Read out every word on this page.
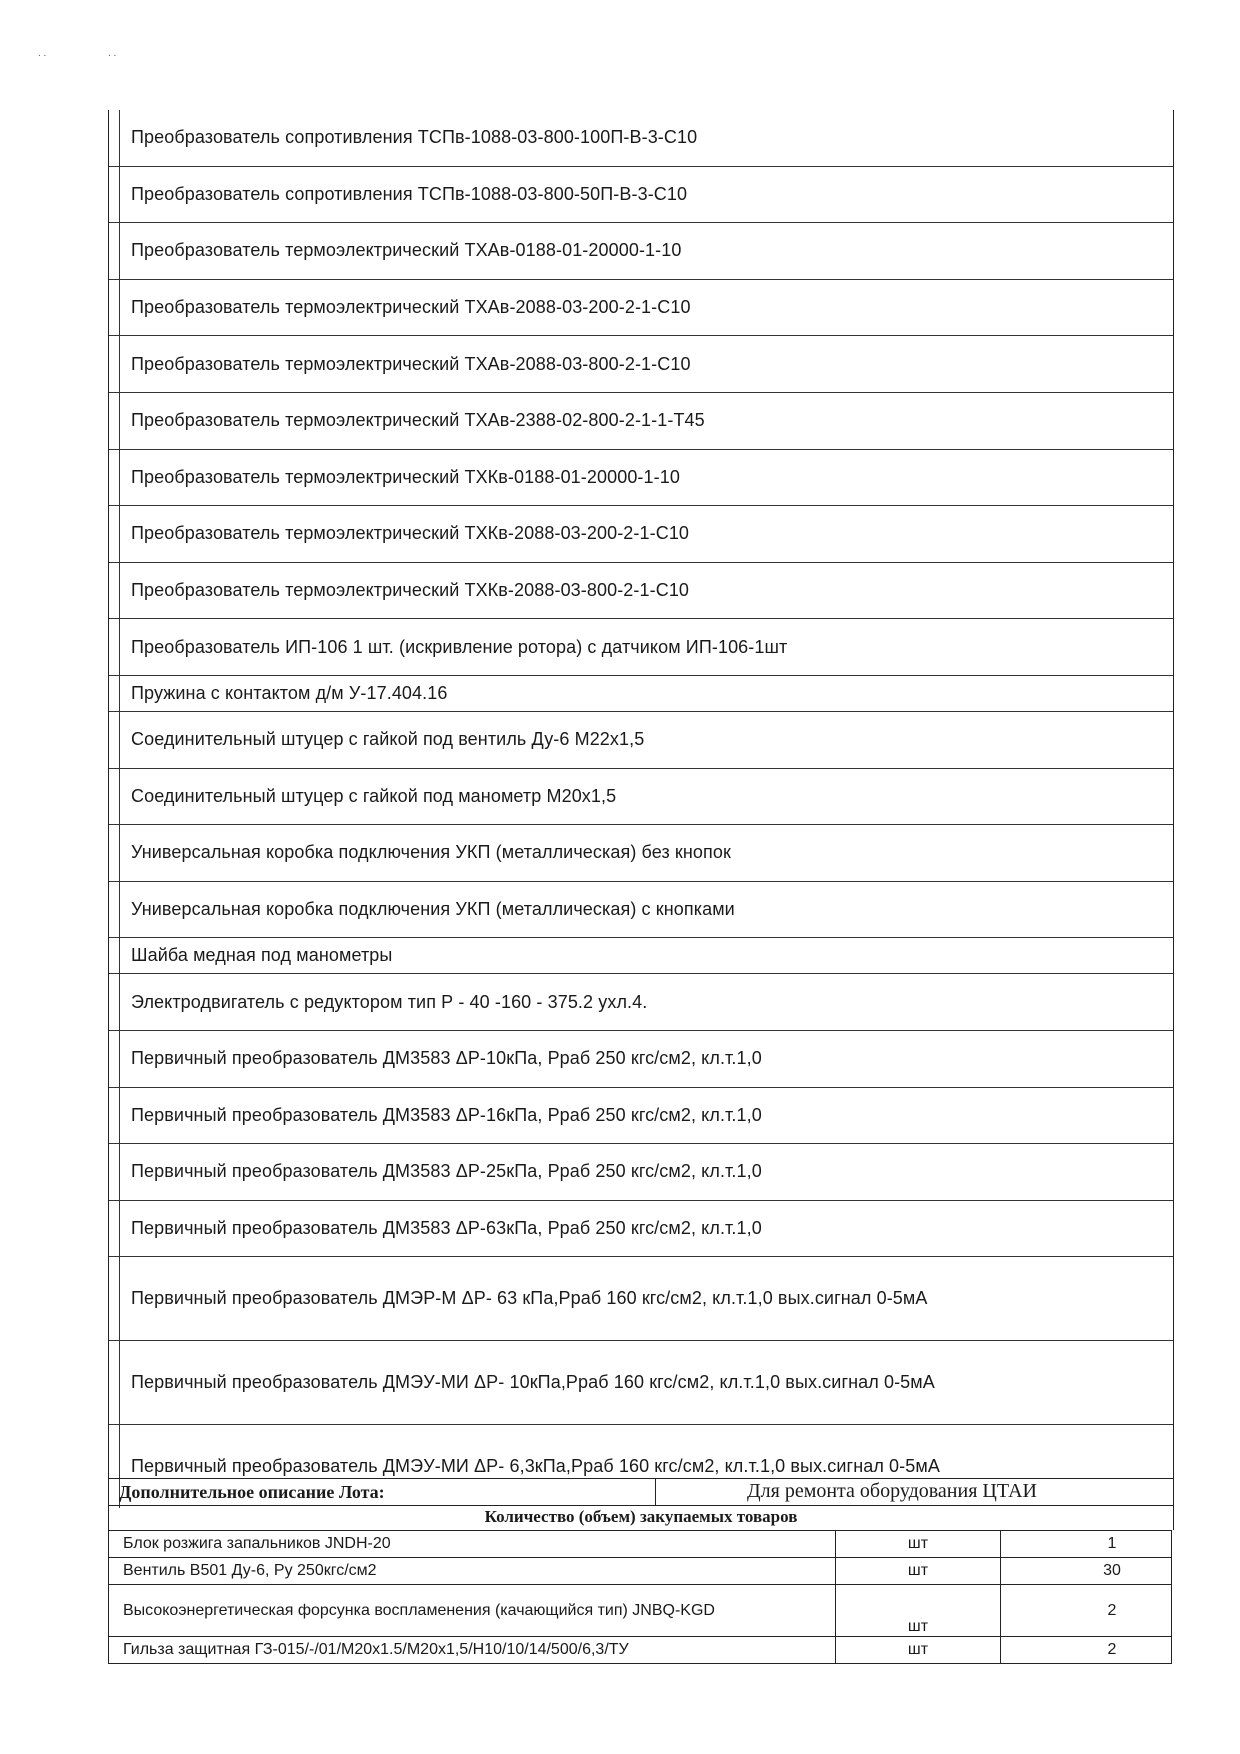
. .	. .
Преобразователь сопротивления ТСПв-1088-03-800-100П-В-3-С10
Преобразователь сопротивления ТСПв-1088-03-800-50П-В-3-С10
Преобразователь термоэлектрический ТХАв-0188-01-20000-1-10
Преобразователь термоэлектрический ТХАв-2088-03-200-2-1-С10
Преобразователь термоэлектрический ТХАв-2088-03-800-2-1-С10
Преобразователь термоэлектрический ТХАв-2388-02-800-2-1-1-Т45
Преобразователь термоэлектрический ТХКв-0188-01-20000-1-10
Преобразователь термоэлектрический ТХКв-2088-03-200-2-1-С10
Преобразователь термоэлектрический ТХКв-2088-03-800-2-1-С10
Преобразователь ИП-106 1 шт. (искривление ротора) с датчиком ИП-106-1шт
Пружина с контактом д/м У-17.404.16
Соединительный штуцер с гайкой под вентиль Ду-6 М22х1,5
Соединительный штуцер с гайкой под манометр М20х1,5
Универсальная коробка подключения УКП (металлическая) без кнопок
Универсальная коробка подключения УКП (металлическая) с кнопками
Шайба медная под манометры
Электродвигатель с редуктором тип Р - 40 -160 - 375.2 ухл.4.
Первичный преобразователь ДМ3583 ΔР-10кПа, Рраб 250 кгс/см2, кл.т.1,0
Первичный преобразователь ДМ3583 ΔР-16кПа, Рраб 250 кгс/см2, кл.т.1,0
Первичный преобразователь ДМ3583 ΔР-25кПа, Рраб 250 кгс/см2, кл.т.1,0
Первичный преобразователь ДМ3583 ΔР-63кПа, Рраб 250 кгс/см2, кл.т.1,0
Первичный преобразователь ДМЭР-М ΔР- 63 кПа,Рраб 160 кгс/см2, кл.т.1,0 вых.сигнал 0-5мА
Первичный преобразователь ДМЭУ-МИ ΔР- 10кПа,Рраб 160 кгс/см2, кл.т.1,0 вых.сигнал 0-5мА
Первичный преобразователь ДМЭУ-МИ ΔР- 6,3кПа,Рраб 160 кгс/см2, кл.т.1,0 вых.сигнал 0-5мА
Дополнительное описание Лота:	Для ремонта оборудования ЦТАИ
Количество (объем) закупаемых товаров
Блок розжига запальников JNDH-20	шт	1
Вентиль В501 Ду-6, Ру 250кгс/см2	шт	30
Высокоэнергетическая форсунка воспламенения (качающийся тип) JNBQ-KGD	шт	2
Гильза защитная ГЗ-015/-/01/М20х1.5/М20х1,5/Н10/10/14/500/6,3/ТУ	шт	2
